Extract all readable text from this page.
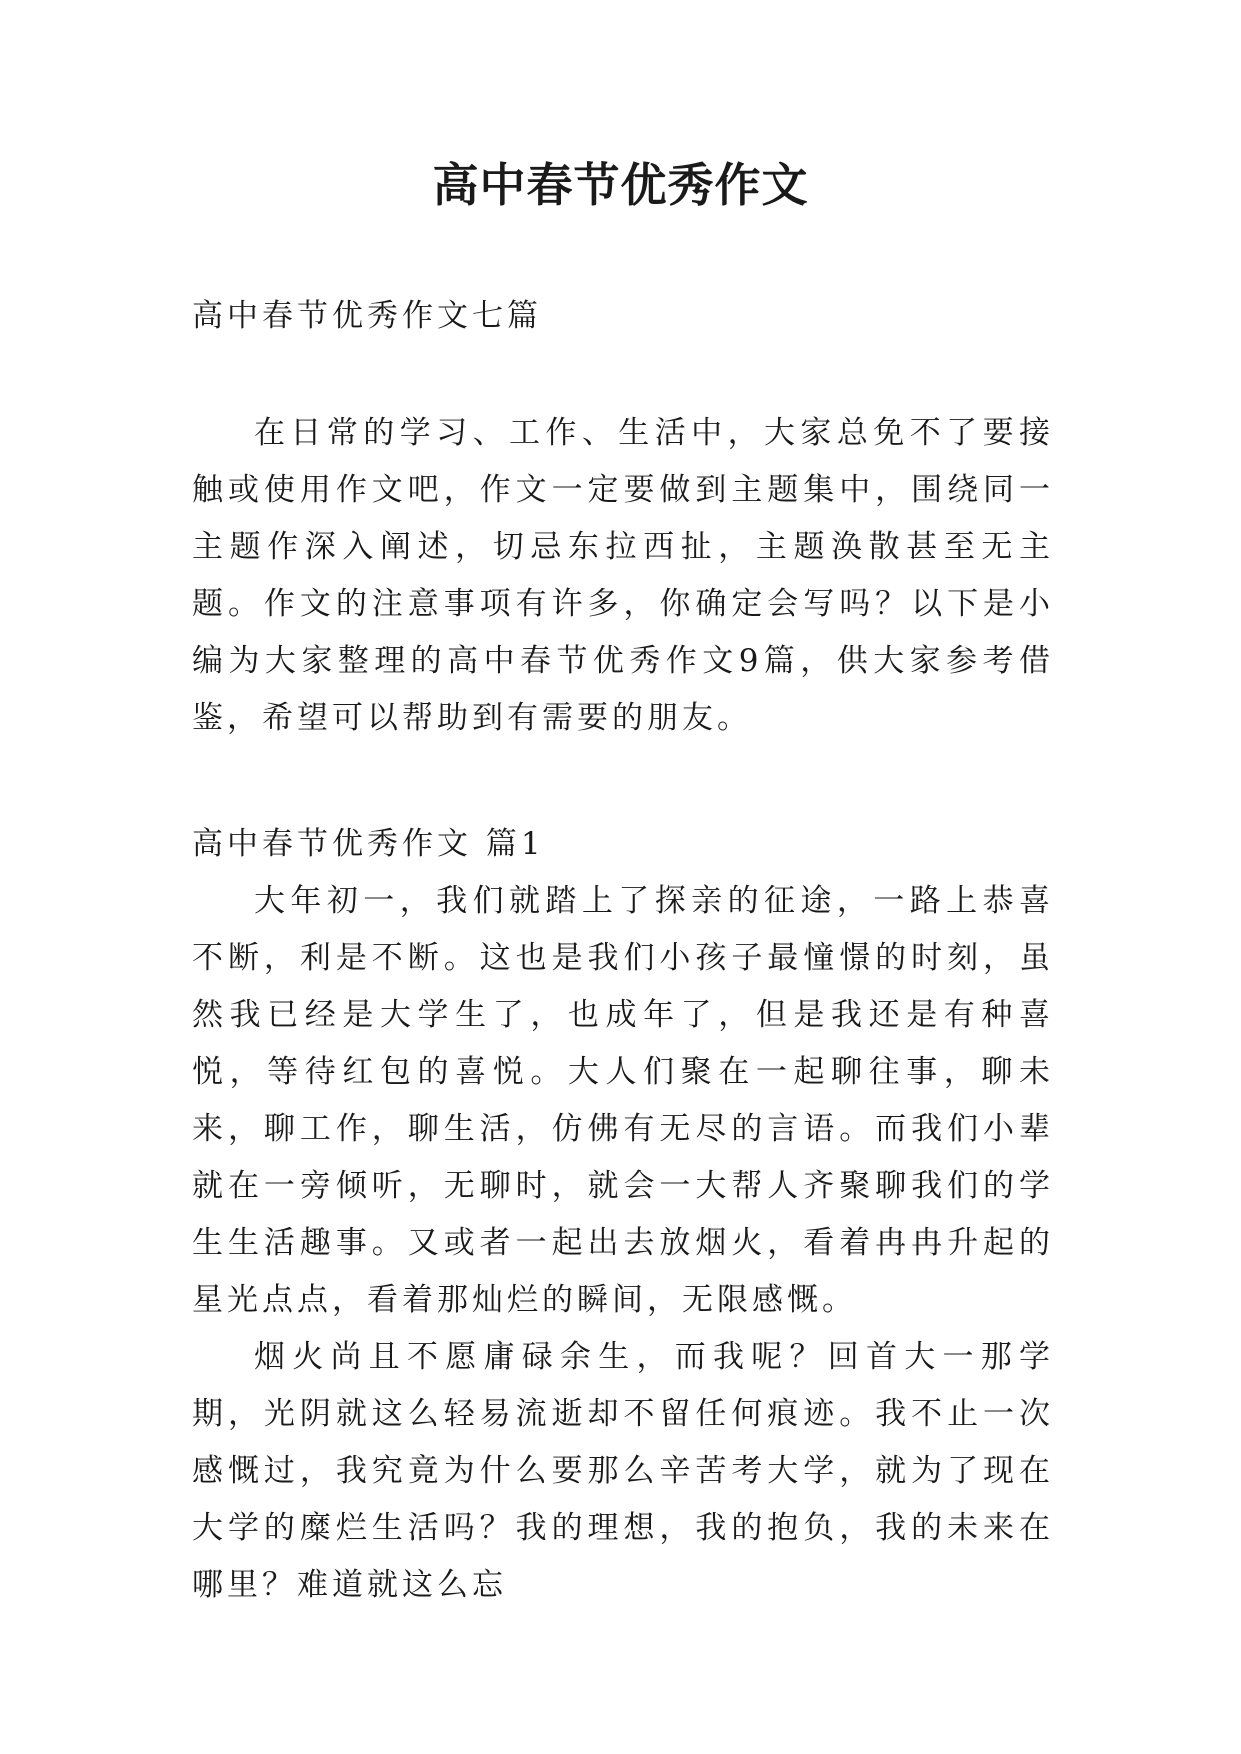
高中春节优秀作文
高中春节优秀作文七篇

在日常的学习、工作、生活中，大家总免不了要接触或使用作文吧，作文一定要做到主题集中，围绕同一主题作深入阐述，切忌东拉西扯，主题涣散甚至无主题。作文的注意事项有许多，你确定会写吗？以下是小编为大家整理的高中春节优秀作文9篇，供大家参考借鉴，希望可以帮助到有需要的朋友。

高中春节优秀作文 篇1

大年初一，我们就踏上了探亲的征途，一路上恭喜不断，利是不断。这也是我们小孩子最憧憬的时刻，虽然我已经是大学生了，也成年了，但是我还是有种喜悦，等待红包的喜悦。大人们聚在一起聊往事，聊未来，聊工作，聊生活，仿佛有无尽的言语。而我们小辈就在一旁倾听，无聊时，就会一大帮人齐聚聊我们的学生生活趣事。又或者一起出去放烟火，看着冉冉升起的星光点点，看着那灿烂的瞬间，无限感慨。

烟火尚且不愿庸碌余生，而我呢？回首大一那学期，光阴就这么轻易流逝却不留任何痕迹。我不止一次感慨过，我究竟为什么要那么辛苦考大学，就为了现在大学的糜烂生活吗？我的理想，我的抱负，我的未来在哪里？难道就这么忘
